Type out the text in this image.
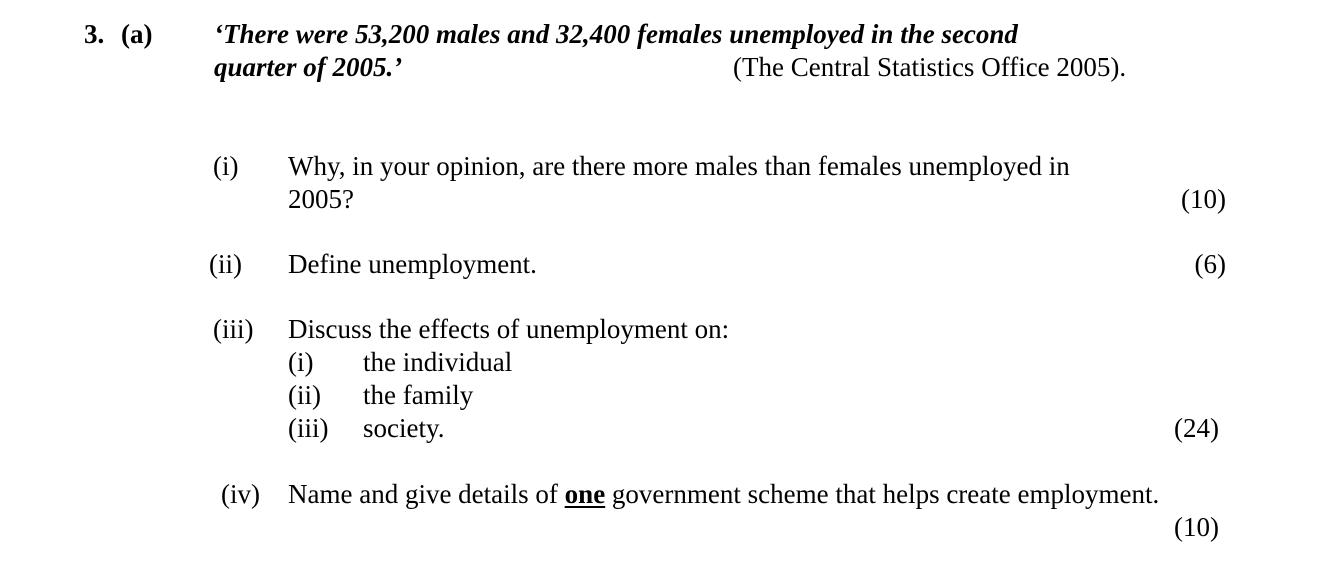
3. (a) ‘There were 53,200 males and 32,400 females unemployed in the second
quarter of 2005.’	(The Central Statistics Office 2005).
(i) Why, in your opinion, are there more males than females unemployed in
2005?	(10)
(ii) Define unemployment.	(6)
(iii) Discuss the effects of unemployment on:
(i) the individual
(ii) the family
(iii) society.	(24)
(iv) Name and give details of one government scheme that helps create employment.
(10)
